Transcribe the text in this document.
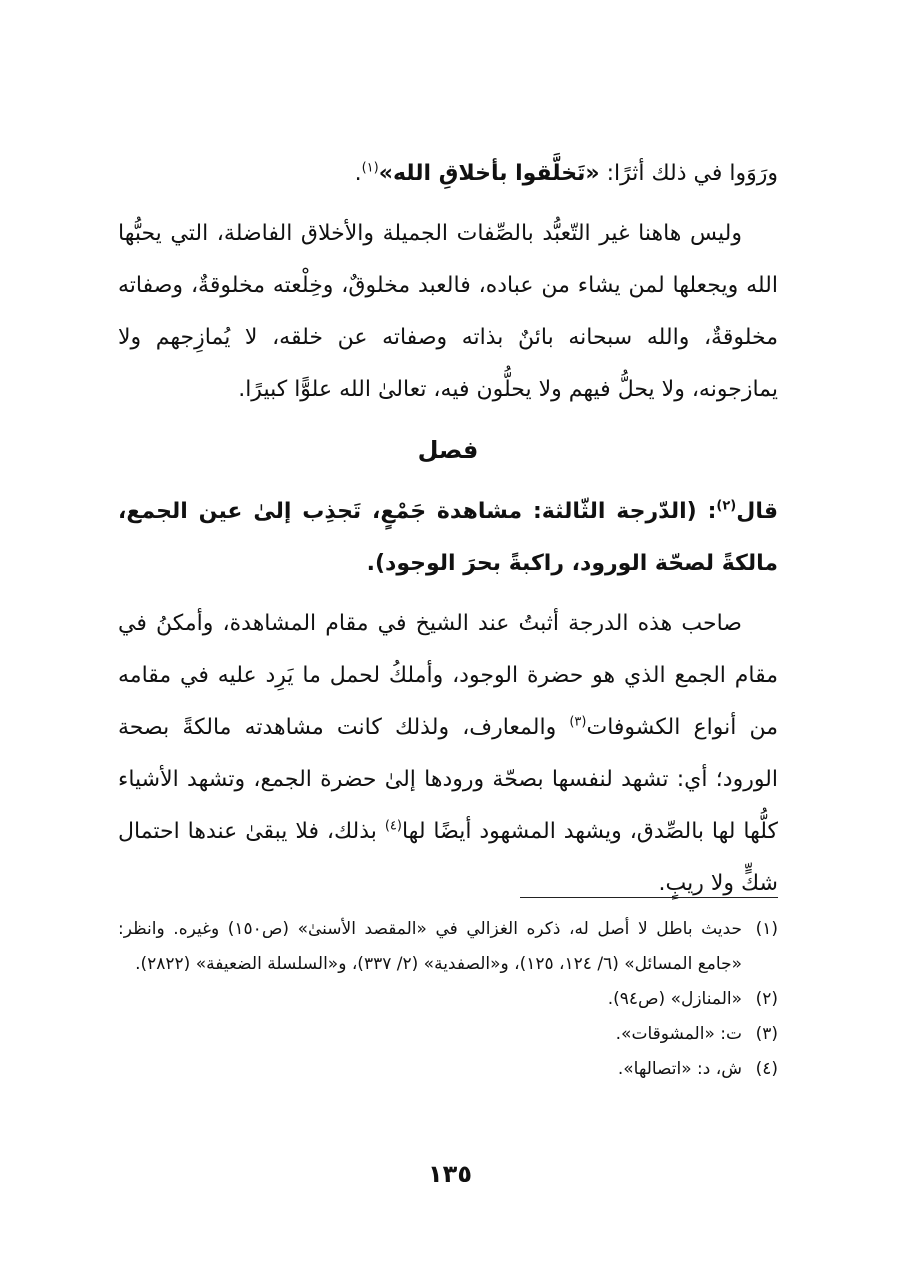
ورَوَوا في ذلك أثرًا: «تَخلَّقوا بأخلاقِ الله»$^{(١)}$.

وليس هاهنا غير التّعبُّد بالصِّفات الجميلة والأخلاق الفاضلة، التي يحبُّها الله ويجعلها لمن يشاء من عباده، فالعبد مخلوقٌ، وخِلْعته مخلوقةٌ، وصفاته مخلوقةٌ، والله سبحانه بائنٌ بذاته وصفاته عن خلقه، لا يُمازِجهم ولا يمازجونه، ولا يحلُّ فيهم ولا يحلُّون فيه، تعالىٰ الله علوًّا كبيرًا.

فصل

قال$^{(٢)}$: (الدّرجة الثّالثة: مشاهدة جَمْعٍ، تَجذِب إلىٰ عين الجمع، مالكةً لصحّة الورود، راكبةً بحرَ الوجود).

صاحب هذه الدرجة أثبتُ عند الشيخ في مقام المشاهدة، وأمكنُ في مقام الجمع الذي هو حضرة الوجود، وأملكُ لحمل ما يَرِد عليه في مقامه من أنواع الكشوفات$^{(٣)}$ والمعارف، ولذلك كانت مشاهدته مالكةً بصحة الورود؛ أي: تشهد لنفسها بصحّة ورودها إلىٰ حضرة الجمع، وتشهد الأشياء كلُّها لها بالصِّدق، ويشهد المشهود أيضًا لها$^{(٤)}$ بذلك، فلا يبقىٰ عندها احتمال شكٍّ ولا ريبٍ.

(١)
حديث باطل لا أصل له، ذكره الغزالي في «المقصد الأسنىٰ» (ص١٥٠) وغيره. وانظر: «جامع المسائل» (٦/ ١٢٤، ١٢٥)، و«الصفدية» (٢/ ٣٣٧)، و«السلسلة الضعيفة» (٢٨٢٢).
(٢)
«المنازل» (ص٩٤).
(٣)
ت: «المشوقات».
(٤)
ش، د: «اتصالها».
١٣٥
